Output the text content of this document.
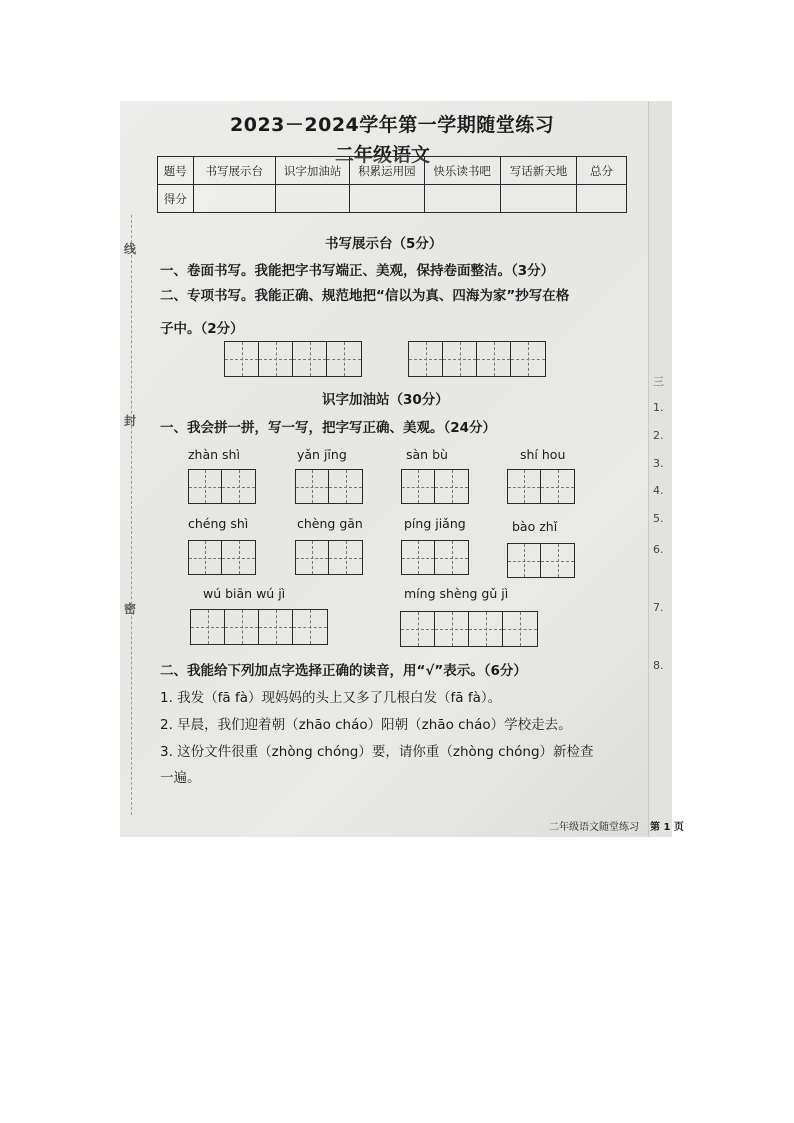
三
1.
2.
3.
4.
5.
6.
7.
8.
线
封
密
2023－2024学年第一学期随堂练习
二年级语文
题号	书写展示台	识字加油站	积累运用园	快乐读书吧	写话新天地	总分
得分						
书写展示台（5分）
一、卷面书写。我能把字书写端正、美观，保持卷面整洁。（3分）
二、专项书写。我能正确、规范地把“信以为真、四海为家”抄写在格
子中。（2分）
识字加油站（30分）
一、我会拼一拼，写一写，把字写正确、美观。（24分）
zhàn shì	yǎn jīng	sàn bù	shí hou
chéng shì	chèng gān	píng jiǎng	bào zhǐ
wú biān wú jì	míng shèng gǔ jì
二、我能给下列加点字选择正确的读音，用“√”表示。（6分）
1. 我发（fā fà）现妈妈的头上又多了几根白发（fā fà）。
2. 早晨，我们迎着朝（zhāo cháo）阳朝（zhāo cháo）学校走去。
3. 这份文件很重（zhòng chóng）要，请你重（zhòng chóng）新检查
一遍。
二年级语文随堂练习 第 1 页
